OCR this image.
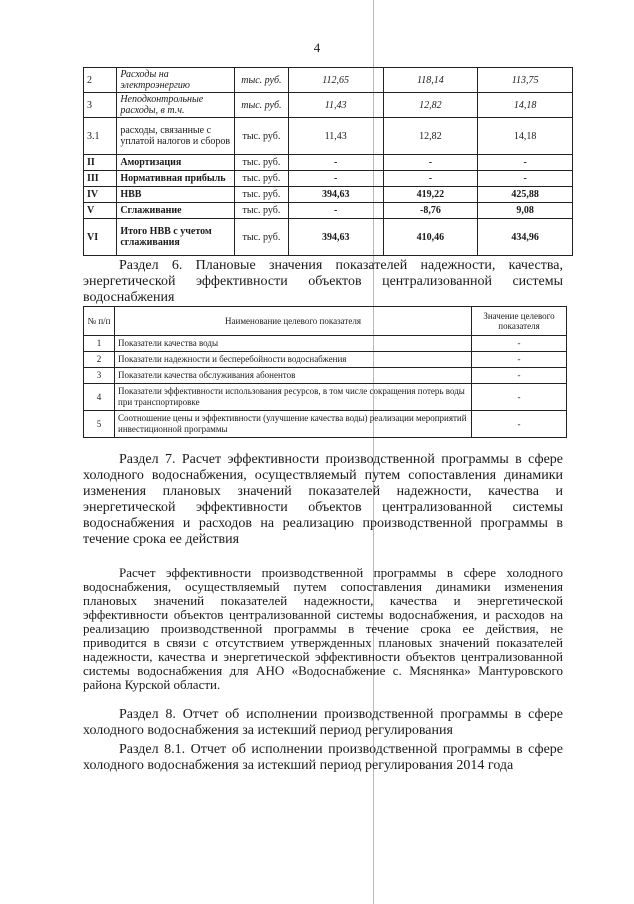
4
2	Расходы на электроэнергию	тыс. руб.	112,65	118,14	113,75
3	Неподконтрольные расходы, в т.ч.	тыс. руб.	11,43	12,82	14,18
3.1	расходы, связанные с уплатой налогов и сборов	тыс. руб.	11,43	12,82	14,18
II	Амортизация	тыс. руб.	-	-	-
III	Нормативная прибыль	тыс. руб.	-	-	-
IV	НВВ	тыс. руб.	394,63	419,22	425,88
V	Сглаживание	тыс. руб.	-	-8,76	9,08
VI	Итого НВВ с учетом сглаживания	тыс. руб.	394,63	410,46	434,96
Раздел 6. Плановые значения показателей надежности, качества, энергетической эффективности объектов централизованной системы водоснабжения
№ п/п	Наименование целевого показателя	Значение целевого показателя
1	Показатели качества воды	-
2	Показатели надежности и бесперебойности водоснабжения	-
3	Показатели качества обслуживания абонентов	-
4	Показатели эффективности использования ресурсов, в том числе сокращения потерь воды при транспортировке	-
5	Соотношение цены и эффективности (улучшение качества воды) реализации мероприятий инвестиционной программы	-
Раздел 7. Расчет эффективности производственной программы в сфере холодного водоснабжения, осуществляемый путем сопоставления динамики изменения плановых значений показателей надежности, качества и энергетической эффективности объектов централизованной системы водоснабжения и расходов на реализацию производственной программы в течение срока ее действия
Расчет эффективности производственной программы в сфере холодного водоснабжения, осуществляемый путем сопоставления динамики изменения плановых значений показателей надежности, качества и энергетической эффективности объектов централизованной системы водоснабжения, и расходов на реализацию производственной программы в течение срока ее действия, не приводится в связи с отсутствием утвержденных плановых значений показателей надежности, качества и энергетической эффективности объектов централизованной системы водоснабжения для АНО «Водоснабжение с. Мяснянка» Мантуровского района Курской области.
Раздел 8. Отчет об исполнении производственной программы в сфере холодного водоснабжения за истекший период регулирования
Раздел 8.1. Отчет об исполнении производственной программы в сфере холодного водоснабжения за истекший период регулирования 2014 года
